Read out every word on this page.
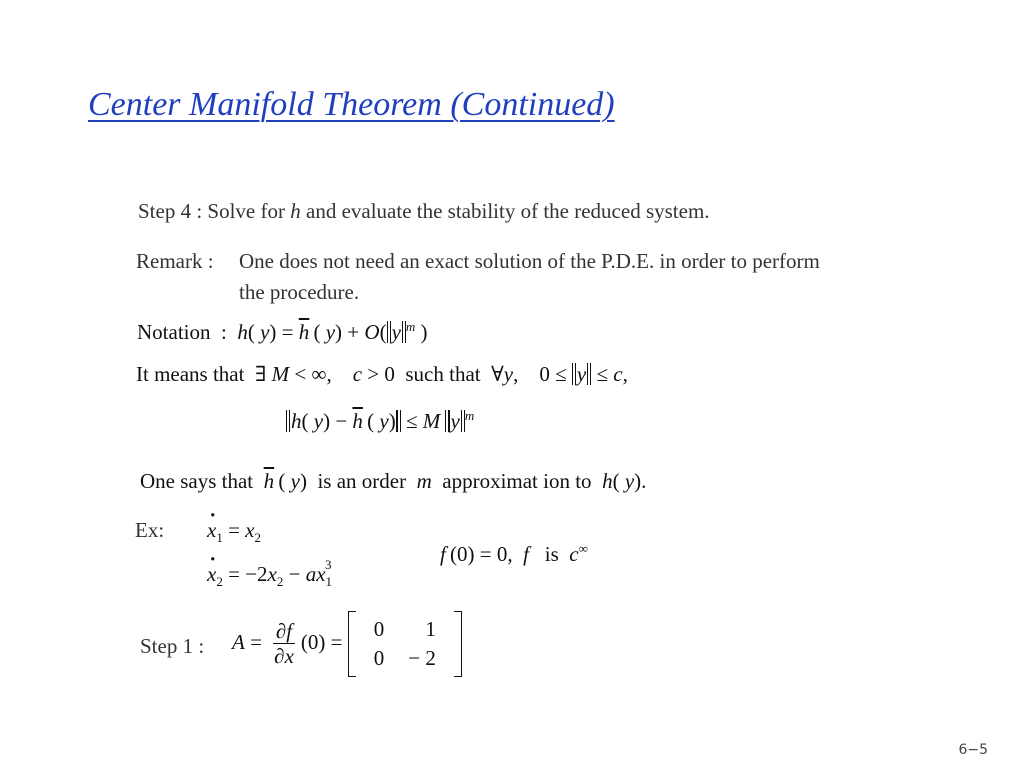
Center Manifold Theorem (Continued)
Step 4 : Solve for h and evaluate the stability of the reduced system.
Remark : One does not need an exact solution of the P.D.E. in order to perform
the procedure.
Notation  :  h( $y) = \overline{h}$ ( y) + O( y $^m$ )
It means that  ∃ M < ∞,    c > 0  such that  ∀y,    0 ≤ y ≤ c,
h( $y) - \overline{h}$ ( y) ≤ M y $^m$
One says that $\overline{h}$ ( y)  is an order m approximat ion to h( y).
Ex: · $x_1 = x_2$
· $x_2 = -2x_2 - ax_1^3$	f (0) = 0,  f is c∞
Step 1 : $A = \frac{\partial f}{\partial x} (0)$ =
0	1
0	− 2
6−5
